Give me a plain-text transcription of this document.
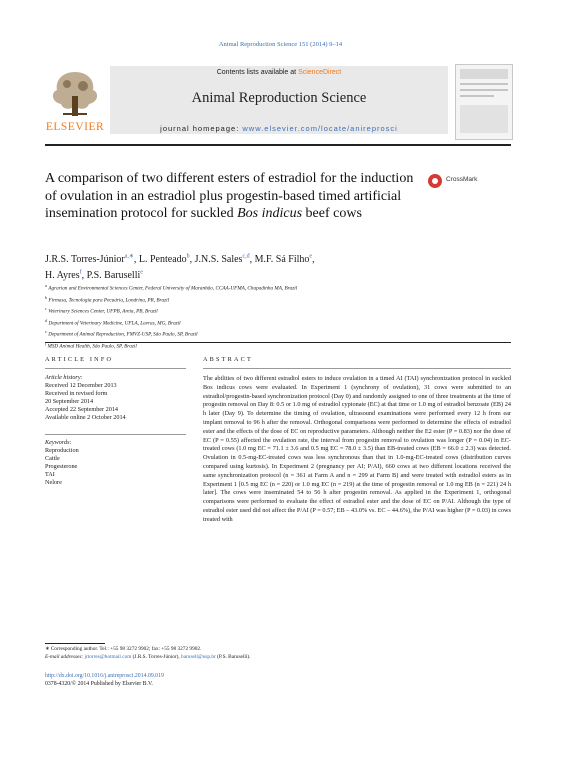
Animal Reproduction Science 151 (2014) 9–14
ELSEVIER
Contents lists available at ScienceDirect
Animal Reproduction Science
journal homepage: www.elsevier.com/locate/anireprosci
A comparison of two different esters of estradiol for the induction of ovulation in an estradiol plus progestin-based timed artificial insemination protocol for suckled Bos indicus beef cows
CrossMark
J.R.S. Torres-Júnior$^{a,∗}$, L. Penteado$^b$, J.N.S. Sales$^{c,d}$, M.F. Sá Filho$^e$,
H. Ayres$^f$, P.S. Baruselli$^e$
$^a$ Agrarian and Environmental Sciences Center, Federal University of Maranhão, CCAA-UFMA, Chapadinha MA, Brazil
$^b$ Firmasa, Tecnologia para Pecuária, Londrina, PR, Brazil
$^c$ Veterinary Sciences Center, UFPB, Areia, PB, Brazil
$^d$ Department of Veterinary Medicine, UFLA, Lavras, MG, Brazil
$^e$ Department of Animal Reproduction, FMVZ-USP, São Paulo, SP, Brazil
$^f$ MSD Animal Health, São Paulo, SP, Brazil
ARTICLE INFO	ABSTRACT
Article history:
Received 12 December 2013
Received in revised form
20 September 2014
Accepted 22 September 2014
Available online 2 October 2014
Keywords:
Reproduction
Cattle
Progesterone
TAI
Nelore
The abilities of two different estradiol esters to induce ovulation in a timed AI (TAI) synchronization protocol in suckled Bos indicus cows were evaluated. In Experiment 1 (synchrony of ovulation), 31 cows were submitted to an estradiol/progestin-based synchronization protocol (Day 0) and randomly assigned to one of three treatments at the time of progestin removal on Day 8: 0.5 or 1.0 mg of estradiol cypionate (EC) at that time or 1.0 mg of estradiol benzoate (EB) 24 h later (Day 9). To determine the timing of ovulation, ultrasound examinations were performed every 12 h from ear implant removal to 96 h after the removal. Orthogonal comparisons were performed to determine the effects of estradiol ester and the effects of the dose of EC on reproductive parameters. Although neither the E2 ester (P = 0.83) nor the dose of EC (P = 0.55) affected the ovulation rate, the interval from progestin removal to ovulation was longer (P = 0.04) in EC-treated cows (1.0 mg EC = 71.1 ± 3.6 and 0.5 mg EC = 78.0 ± 3.5) than EB-treated cows (EB = 66.0 ± 2.3) was detected. Ovulation in 0.5-mg-EC-treated cows was less synchronous than that in 1.0-mg-EC-treated cows (distribution curves compared using kurtosis). In Experiment 2 (pregnancy per AI; P/AI), 660 cows at two different locations received the same synchronization protocol (n = 361 at Farm A and n = 299 at Farm B) and were treated with estradiol esters as in Experiment 1 [0.5 mg EC (n = 220) or 1.0 mg EC (n = 219) at the time of progestin removal or 1.0 mg EB (n = 221) 24 h later]. The cows were inseminated 54 to 56 h after progestin removal. As applied in the Experiment 1, orthogonal comparisons were performed to evaluate the effect of estradiol ester and the dose of EC on P/AI. Although the type of estradiol ester used did not affect the P/AI (P = 0.57; EB – 43.0% vs. EC – 44.6%), the P/AI was higher (P = 0.03) in cows treated with
∗ Corresponding author. Tel.: +55 98 3272 9902; fax: +55 98 3272 9902.
E-mail addresses: jrtorres@hotmail.com (J.R.S. Torres-Júnior), barusell@usp.br (P.S. Baruselli).
http://dx.doi.org/10.1016/j.anireprosci.2014.09.019
0378-4320/© 2014 Published by Elsevier B.V.
